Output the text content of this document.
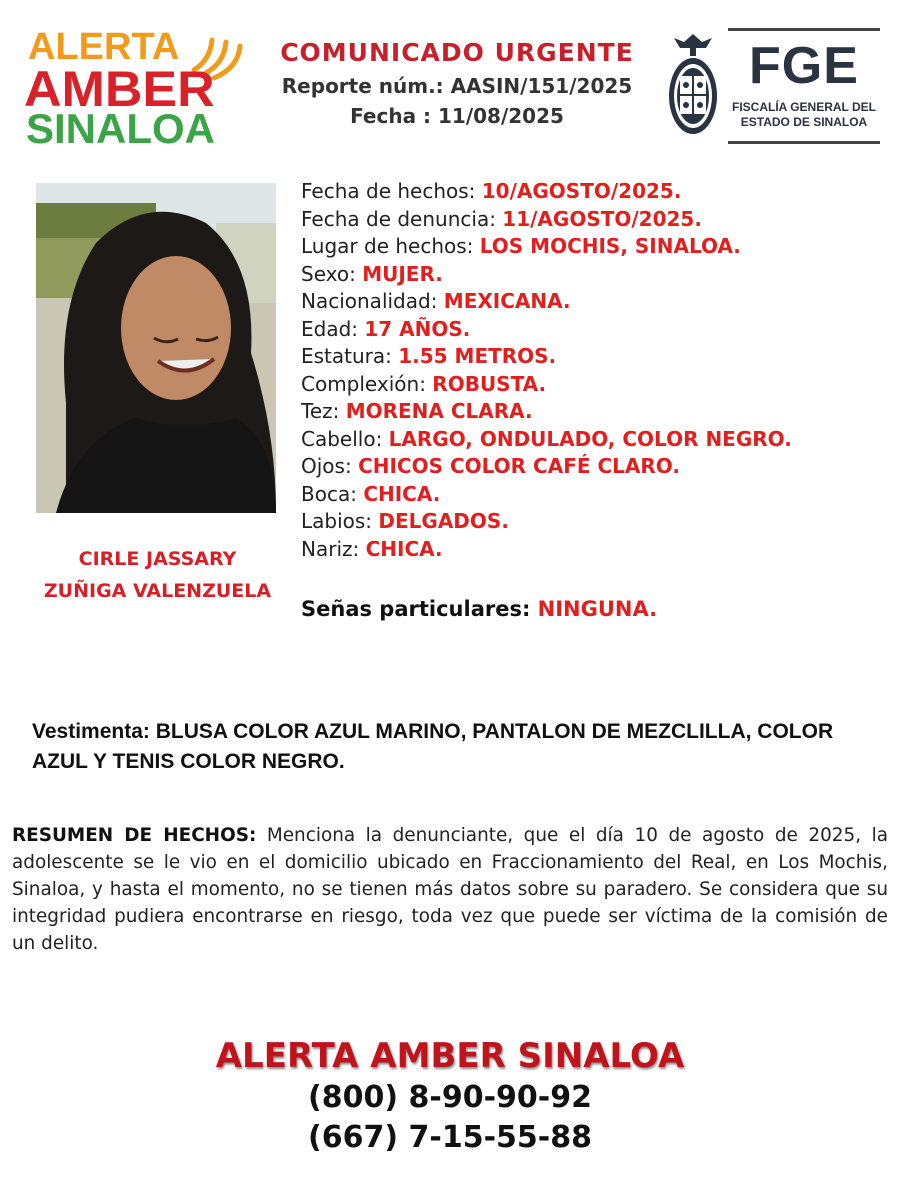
ALERTA
AMBER
SINALOA
COMUNICADO URGENTE
Reporte núm.: AASIN/151/2025
Fecha : 11/08/2025
FGE
FISCALÍA GENERAL DEL
ESTADO DE SINALOA
CIRLE JASSARY
ZUÑIGA VALENZUELA
Fecha de hechos: 10/AGOSTO/2025.
Fecha de denuncia: 11/AGOSTO/2025.
Lugar de hechos: LOS MOCHIS, SINALOA.
Sexo: MUJER.
Nacionalidad: MEXICANA.
Edad: 17 AÑOS.
Estatura: 1.55 METROS.
Complexión: ROBUSTA.
Tez: MORENA CLARA.
Cabello: LARGO, ONDULADO, COLOR NEGRO.
Ojos: CHICOS COLOR CAFÉ CLARO.
Boca: CHICA.
Labios: DELGADOS.
Nariz: CHICA.
Señas particulares: NINGUNA.
Vestimenta: BLUSA COLOR AZUL MARINO, PANTALON DE MEZCLILLA, COLOR AZUL Y TENIS COLOR NEGRO.
RESUMEN DE HECHOS: Menciona la denunciante, que el día 10 de agosto de 2025, la adolescente se le vio en el domicilio ubicado en Fraccionamiento del Real, en Los Mochis, Sinaloa, y hasta el momento, no se tienen más datos sobre su paradero. Se considera que su integridad pudiera encontrarse en riesgo, toda vez que puede ser víctima de la comisión de un delito.
ALERTA AMBER SINALOA
(800) 8-90-90-92
(667) 7-15-55-88
